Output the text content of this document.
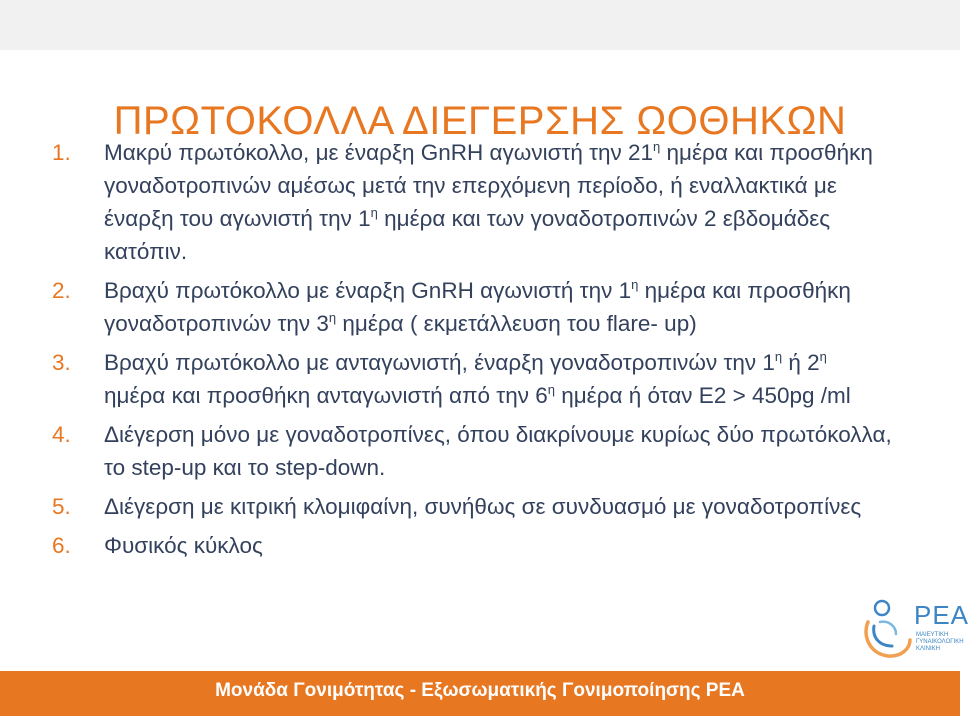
ΠΡΩΤΟΚΟΛΛΑ ΔΙΕΓΕΡΣΗΣ ΩΟΘΗΚΩΝ
1. Μακρύ πρωτόκολλο, με έναρξη GnRH αγωνιστή την $21^\eta$ ημέρα και προσθήκη γοναδοτροπινών αμέσως μετά την επερχόμενη περίοδο, ή εναλλακτικά με έναρξη του αγωνιστή την $1^\eta$ ημέρα και των γοναδοτροπινών 2 εβδομάδες κατόπιν.
2. Βραχύ πρωτόκολλο με έναρξη GnRH αγωνιστή την $1^\eta$ ημέρα και προσθήκη γοναδοτροπινών την $3^\eta$ ημέρα ( εκμετάλλευση του flare- up)
3. Βραχύ πρωτόκολλο με ανταγωνιστή, έναρξη γοναδοτροπινών την $1^\eta$ ή $2^\eta$ ημέρα και προσθήκη ανταγωνιστή από την $6^\eta$ ημέρα ή όταν Ε2 > 450pg /ml
4. Διέγερση μόνο με γοναδοτροπίνες, όπου διακρίνουμε κυρίως δύο πρωτόκολλα, το step-up και το step-down.
5. Διέγερση με κιτρική κλομιφαίνη, συνήθως σε συνδυασμό με γοναδοτροπίνες
6. Φυσικός κύκλος
ΡΕΑ
ΜΑΙΕΥΤΙΚΗ ΓΥΝΑΙΚΟΛΟΓΙΚΗ ΚΛΙΝΙΚΗ
Μονάδα Γονιμότητας - Εξωσωματικής Γονιμοποίησης ΡΕΑ
